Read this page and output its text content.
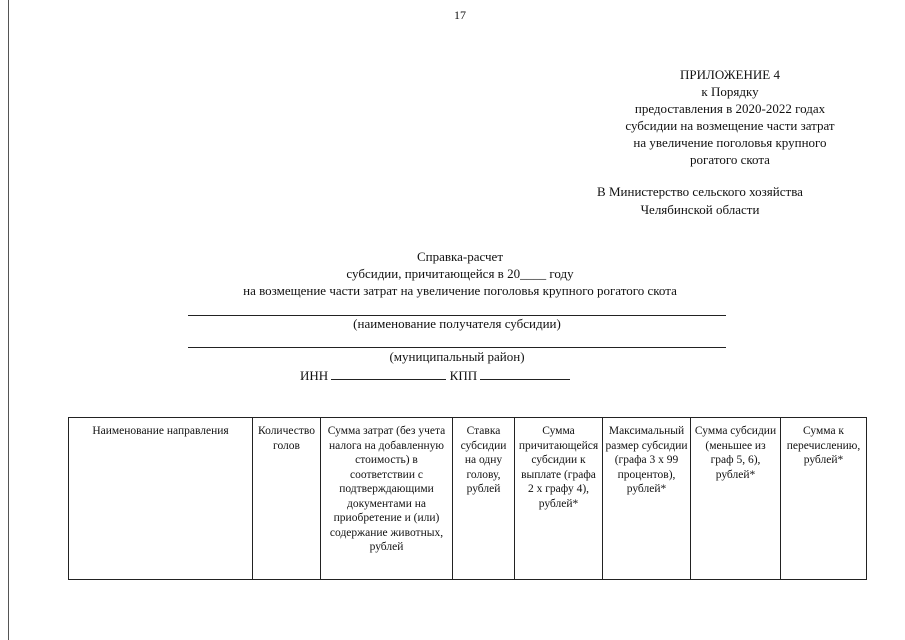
17
ПРИЛОЖЕНИЕ 4
к Порядку
предоставления в 2020-2022 годах
субсидии на возмещение части затрат
на увеличение поголовья крупного
рогатого скота
В Министерство сельского хозяйства
Челябинской области
Справка-расчет
субсидии, причитающейся в 20____ году
на возмещение части затрат на увеличение поголовья крупного рогатого скота
(наименование получателя субсидии)
(муниципальный район)
ИНН	КПП
Наименование направления	Количество голов	Сумма затрат (без учета налога на добавленную стоимость) в соответствии с подтверждающими документами на приобретение и (или) содержание животных, рублей	Ставка субсидии на одну голову, рублей	Сумма причитающейся субсидии к выплате (графа 2 х графу 4), рублей*	Максимальный размер субсидии (графа 3 х 99 процентов), рублей*	Сумма субсидии (меньшее из граф 5, 6), рублей*	Сумма к перечислению, рублей*
